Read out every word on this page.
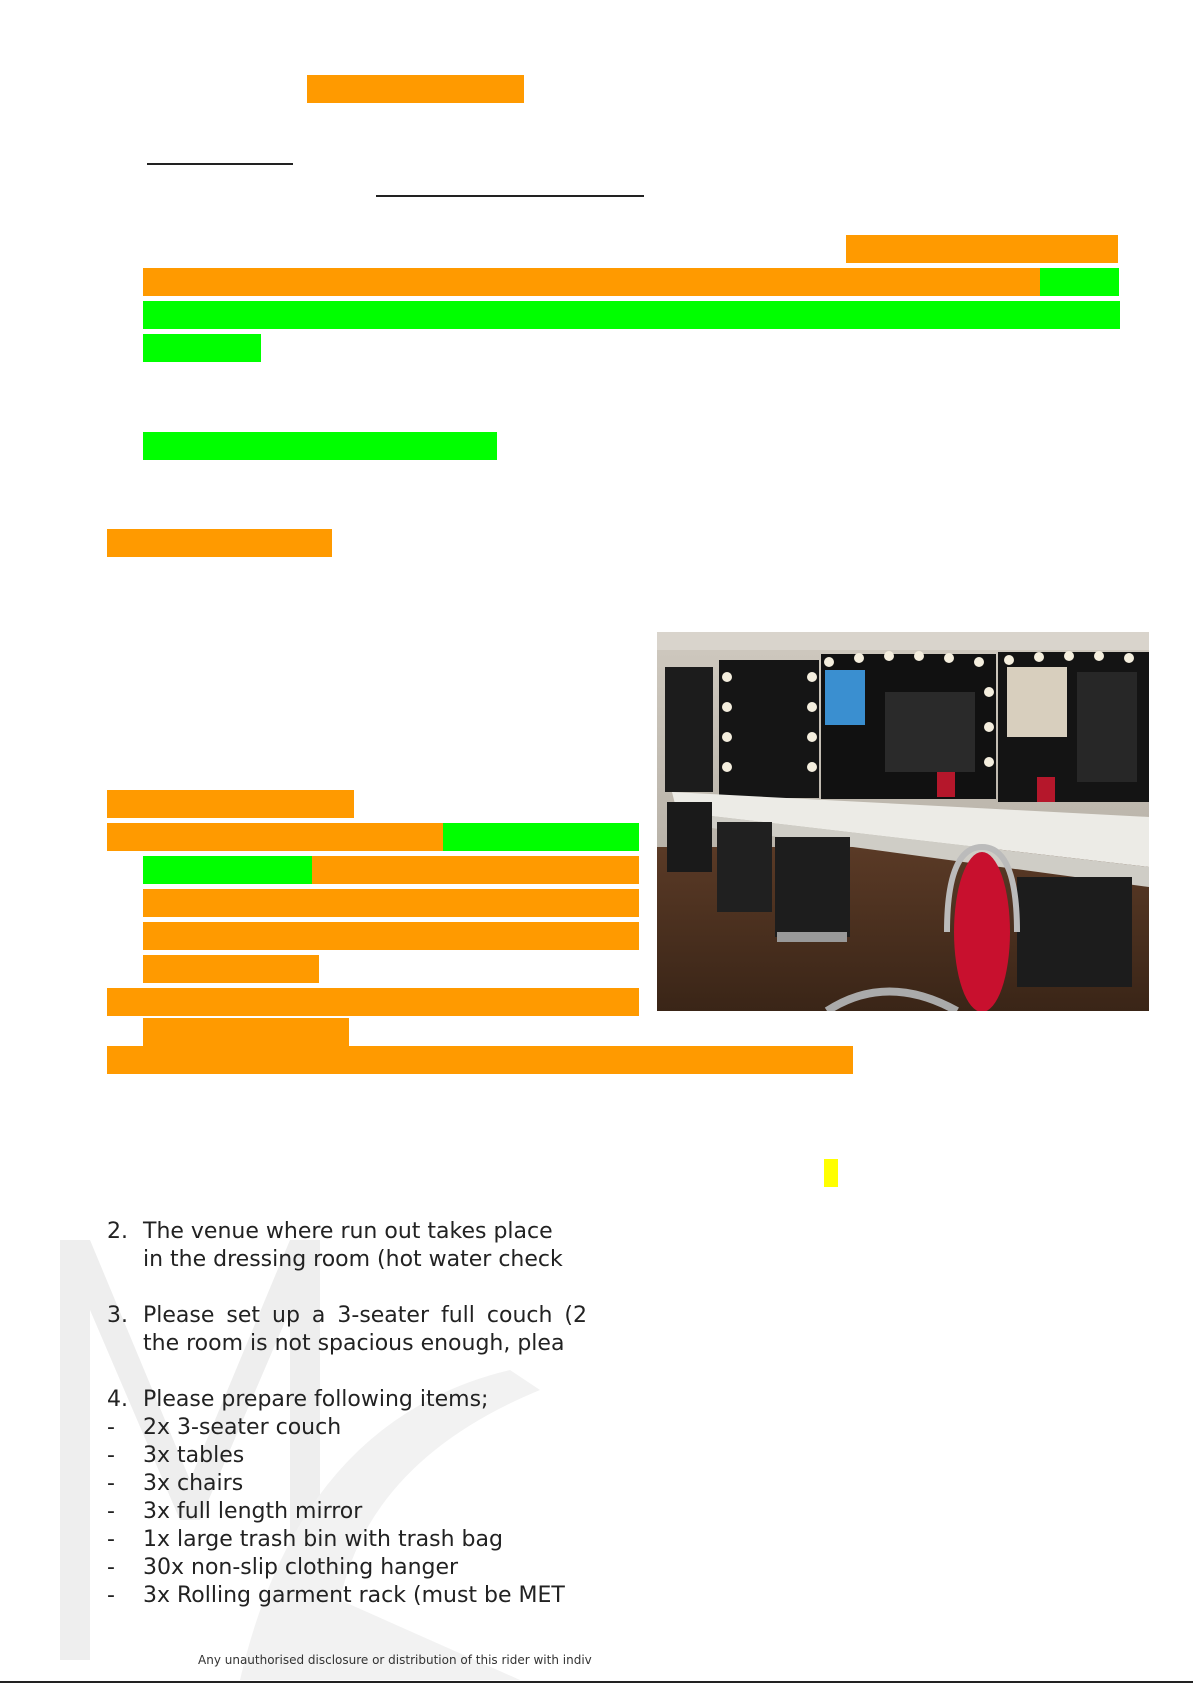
2. The venue where run out takes place
in the dressing room (hot water check
3. Please set up a 3-seater full couch (2
the room is not spacious enough, plea
4. Please prepare following items;
- 2x 3-seater couch
- 3x tables
- 3x chairs
- 3x full length mirror
- 1x large trash bin with trash bag
- 30x non-slip clothing hanger
- 3x Rolling garment rack (must be MET
Any unauthorised disclosure or distribution of this rider with indiv
